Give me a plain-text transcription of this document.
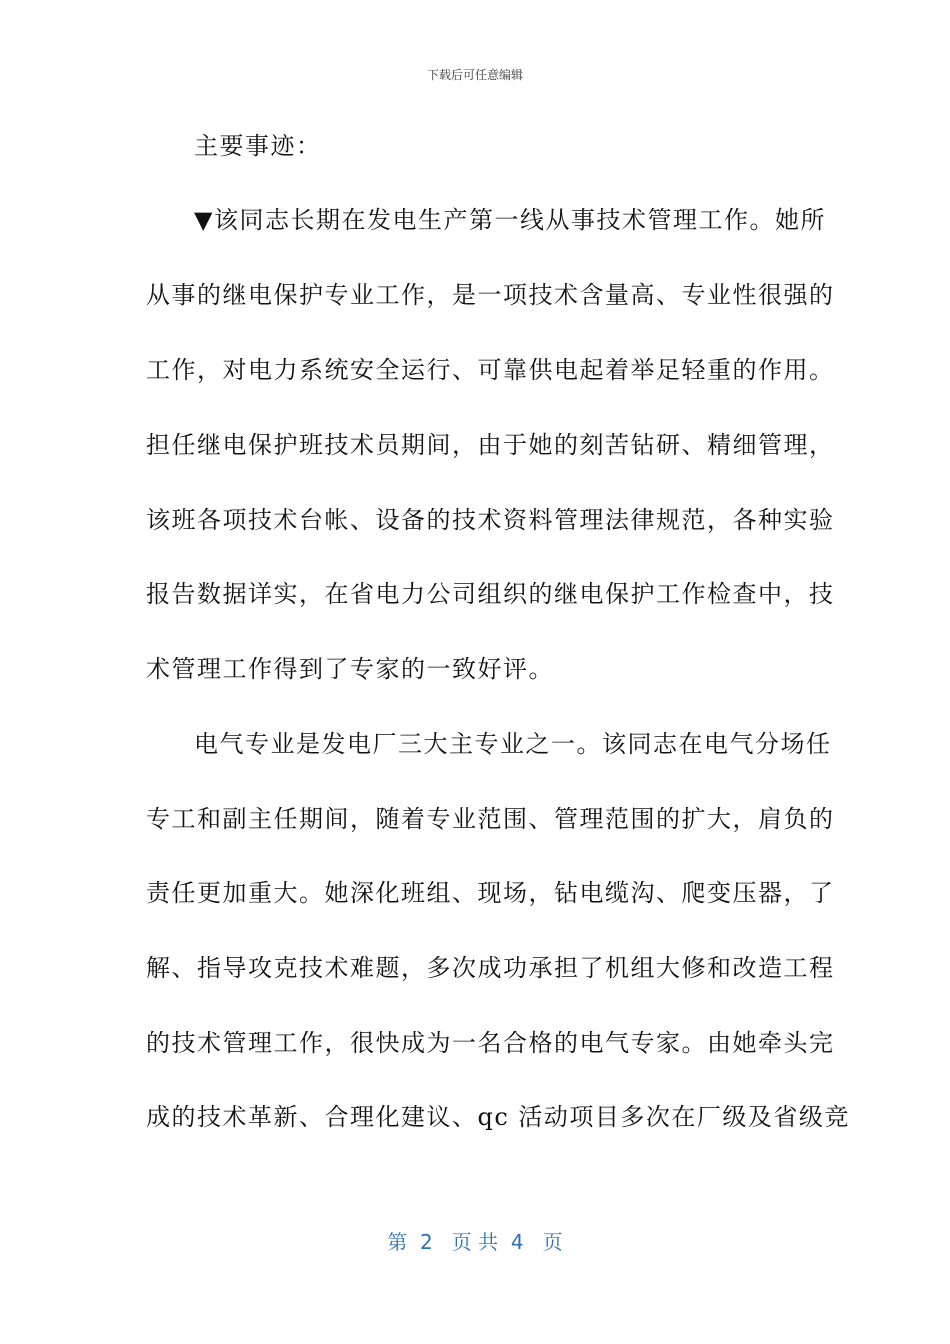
下载后可任意编辑
主要事迹：
▼该同志长期在发电生产第一线从事技术管理工作。她所
从事的继电保护专业工作，是一项技术含量高、专业性很强的
工作，对电力系统安全运行、可靠供电起着举足轻重的作用。
担任继电保护班技术员期间，由于她的刻苦钻研、精细管理，
该班各项技术台帐、设备的技术资料管理法律规范，各种实验
报告数据详实，在省电力公司组织的继电保护工作检查中，技
术管理工作得到了专家的一致好评。
电气专业是发电厂三大主专业之一。该同志在电气分场任
专工和副主任期间，随着专业范围、管理范围的扩大，肩负的
责任更加重大。她深化班组、现场，钻电缆沟、爬变压器，了
解、指导攻克技术难题，多次成功承担了机组大修和改造工程
的技术管理工作，很快成为一名合格的电气专家。由她牵头完
成的技术革新、合理化建议、qc 活动项目多次在厂级及省级竞
第  2   页 共  4   页
